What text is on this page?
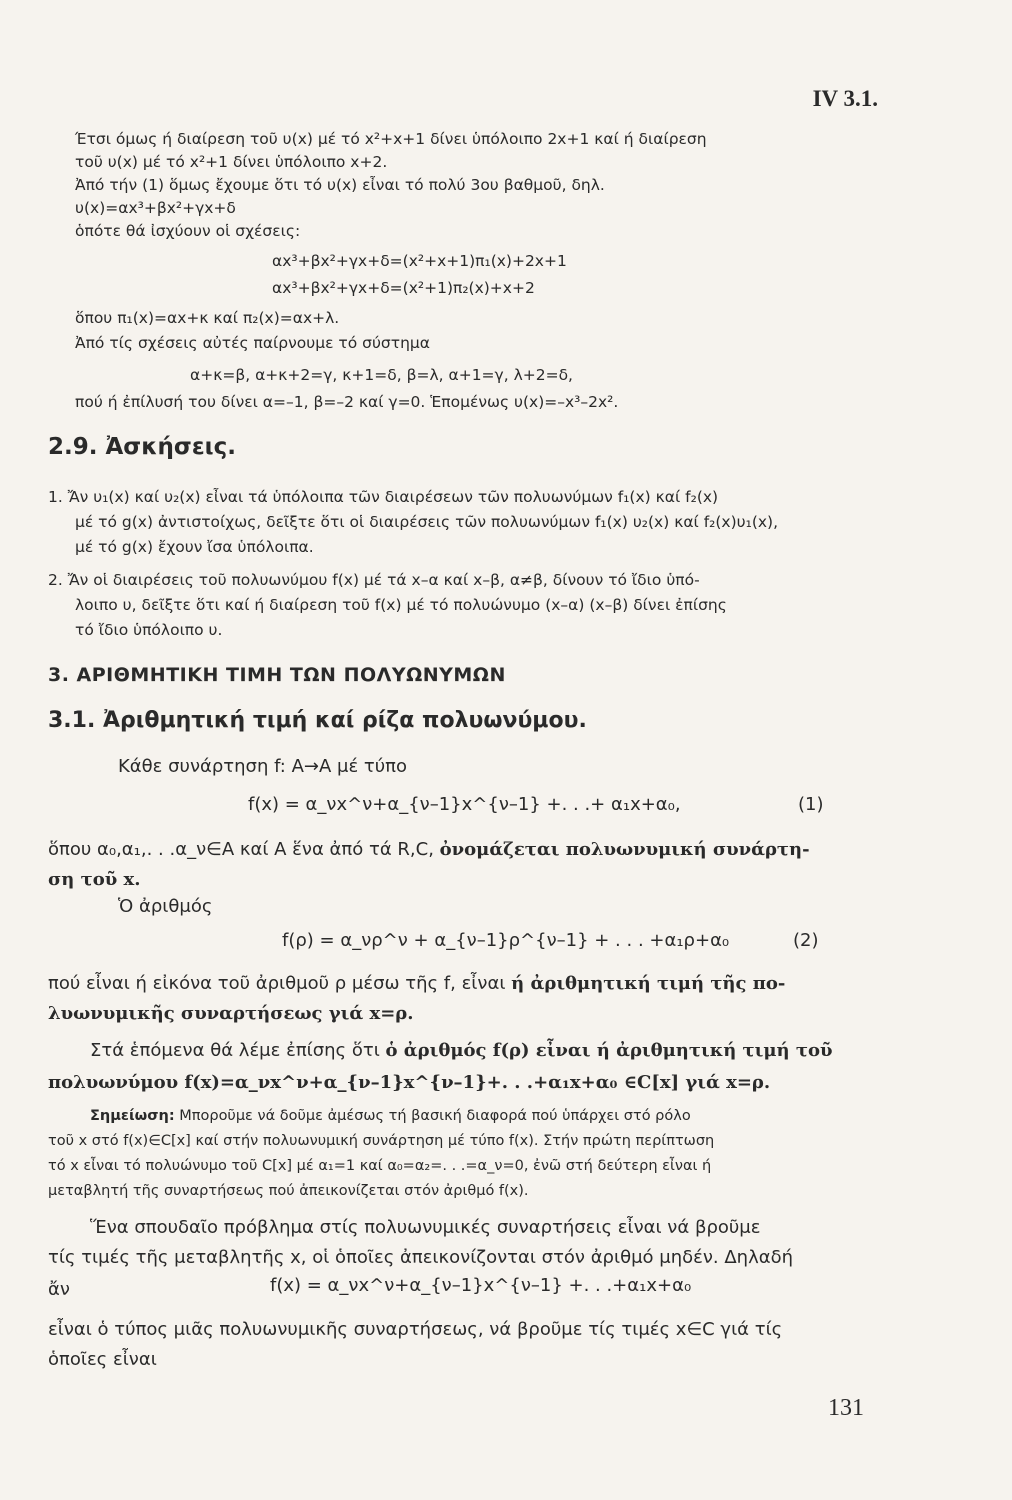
IV 3.1.
Έτσι όμως ή διαίρεση τοῦ υ(x) μέ τό x²+x+1 δίνει ὑπόλοιπο 2x+1 καί ή διαίρεση
τοῦ υ(x) μέ τό x²+1 δίνει ὑπόλοιπο x+2.
Ἀπό τήν (1) ὅμως ἔχουμε ὅτι τό υ(x) εἶναι τό πολύ 3ου βαθμοῦ, δηλ.
υ(x)=αx³+βx²+γx+δ
ὁπότε θά ἰσχύουν οἱ σχέσεις:
αx³+βx²+γx+δ=(x²+x+1)π₁(x)+2x+1
αx³+βx²+γx+δ=(x²+1)π₂(x)+x+2
ὅπου π₁(x)=αx+κ καί π₂(x)=αx+λ.
Ἀπό τίς σχέσεις αὐτές παίρνουμε τό σύστημα
α+κ=β, α+κ+2=γ, κ+1=δ, β=λ, α+1=γ, λ+2=δ,
πού ή ἐπίλυσή του δίνει α=–1, β=–2 καί γ=0. Ἑπομένως υ(x)=–x³–2x².
2.9. Ἀσκήσεις.
1. Ἄν υ₁(x) καί υ₂(x) εἶναι τά ὑπόλοιπα τῶν διαιρέσεων τῶν πολυωνύμων f₁(x) καί f₂(x)
μέ τό g(x) ἀντιστοίχως, δεῖξτε ὅτι οἱ διαιρέσεις τῶν πολυωνύμων f₁(x) υ₂(x) καί f₂(x)υ₁(x),
μέ τό g(x) ἔχουν ἴσα ὑπόλοιπα.
2. Ἄν οἱ διαιρέσεις τοῦ πολυωνύμου f(x) μέ τά x–α καί x–β, α≠β, δίνουν τό ἴδιο ὑπό-
λοιπο υ, δεῖξτε ὅτι καί ή διαίρεση τοῦ f(x) μέ τό πολυώνυμο (x–α) (x–β) δίνει ἐπίσης
τό ἴδιο ὑπόλοιπο υ.
3. ΑΡΙΘΜΗΤΙΚΗ ΤΙΜΗ ΤΩΝ ΠΟΛΥΩΝΥΜΩΝ
3.1. Ἀριθμητική τιμή καί ρίζα πολυωνύμου.
Κάθε συνάρτηση f: A→A μέ τύπο
f(x) = α_νx^ν+α_{ν–1}x^{ν–1} +. . .+ α₁x+α₀,	(1)
ὅπου α₀,α₁,. . .α_ν∈A καί A ἕνα ἀπό τά R,C, ὀνομάζεται πολυωνυμική συνάρτη-
ση τοῦ x.
Ὁ ἀριθμός
f(ρ) = α_νρ^ν + α_{ν–1}ρ^{ν–1} + . . . +α₁ρ+α₀	(2)
πού εἶναι ή εἰκόνα τοῦ ἀριθμοῦ ρ μέσω τῆς f, εἶναι ή ἀριθμητική τιμή τῆς πο-
λυωνυμικῆς συναρτήσεως γιά x=ρ.
Στά ἑπόμενα θά λέμε ἐπίσης ὅτι ὁ ἀριθμός f(ρ) εἶναι ή ἀριθμητική τιμή τοῦ
πολυωνύμου f(x)=α_νx^ν+α_{ν–1}x^{ν–1}+. . .+α₁x+α₀ ∈C[x] γιά x=ρ.
Σημείωση: Μποροῦμε νά δοῦμε ἀμέσως τή βασική διαφορά πού ὑπάρχει στό ρόλο
τοῦ x στό f(x)∈C[x] καί στήν πολυωνυμική συνάρτηση μέ τύπο f(x). Στήν πρώτη περίπτωση
τό x εἶναι τό πολυώνυμο τοῦ C[x] μέ α₁=1 καί α₀=α₂=. . .=α_ν=0, ἐνῶ στή δεύτερη εἶναι ή
μεταβλητή τῆς συναρτήσεως πού ἀπεικονίζεται στόν ἀριθμό f(x).
Ἕνα σπουδαῖο πρόβλημα στίς πολυωνυμικές συναρτήσεις εἶναι νά βροῦμε
τίς τιμές τῆς μεταβλητῆς x, οἱ ὁποῖες ἀπεικονίζονται στόν ἀριθμό μηδέν. Δηλαδή
ἄν	f(x) = α_νx^ν+α_{ν–1}x^{ν–1} +. . .+α₁x+α₀
εἶναι ὁ τύπος μιᾶς πολυωνυμικῆς συναρτήσεως, νά βροῦμε τίς τιμές x∈C γιά τίς
ὁποῖες εἶναι
131
